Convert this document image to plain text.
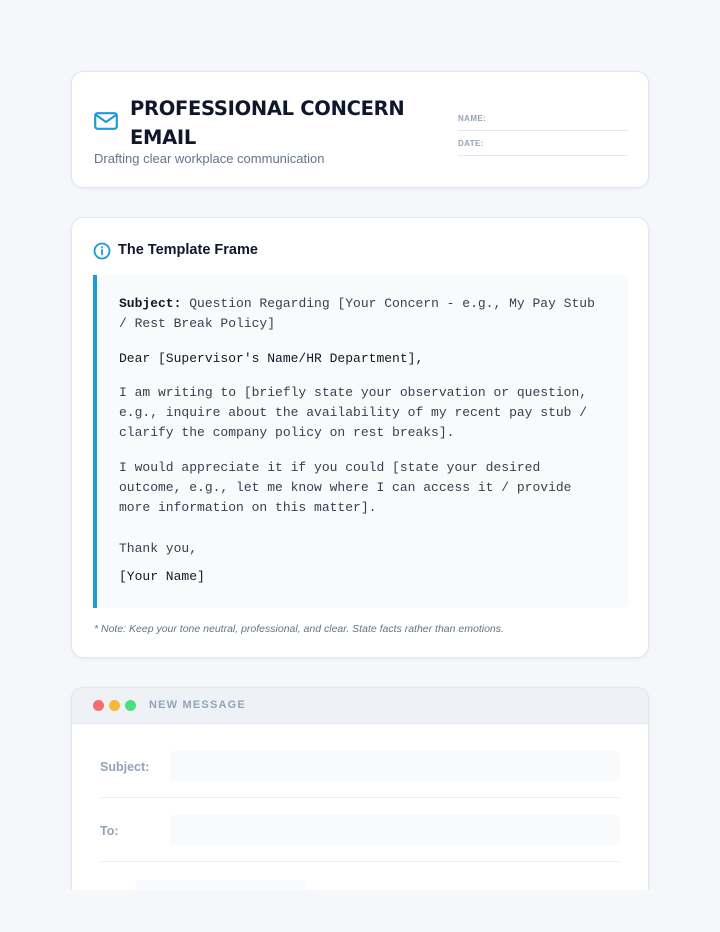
PROFESSIONAL CONCERN EMAIL
Drafting clear workplace communication
NAME:
DATE:
The Template Frame

Subject: Question Regarding [Your Concern - e.g., My Pay Stub / Rest Break Policy]

Dear [Supervisor's Name/HR Department],

I am writing to [briefly state your observation or question, e.g., inquire about the availability of my recent pay stub / clarify the company policy on rest breaks].

I would appreciate it if you could [state your desired outcome, e.g., let me know where I can access it / provide more information on this matter].

Thank you,

[Your Name]

* Note: Keep your tone neutral, professional, and clear. State facts rather than emotions.
NEW MESSAGE
Subject:
To:
